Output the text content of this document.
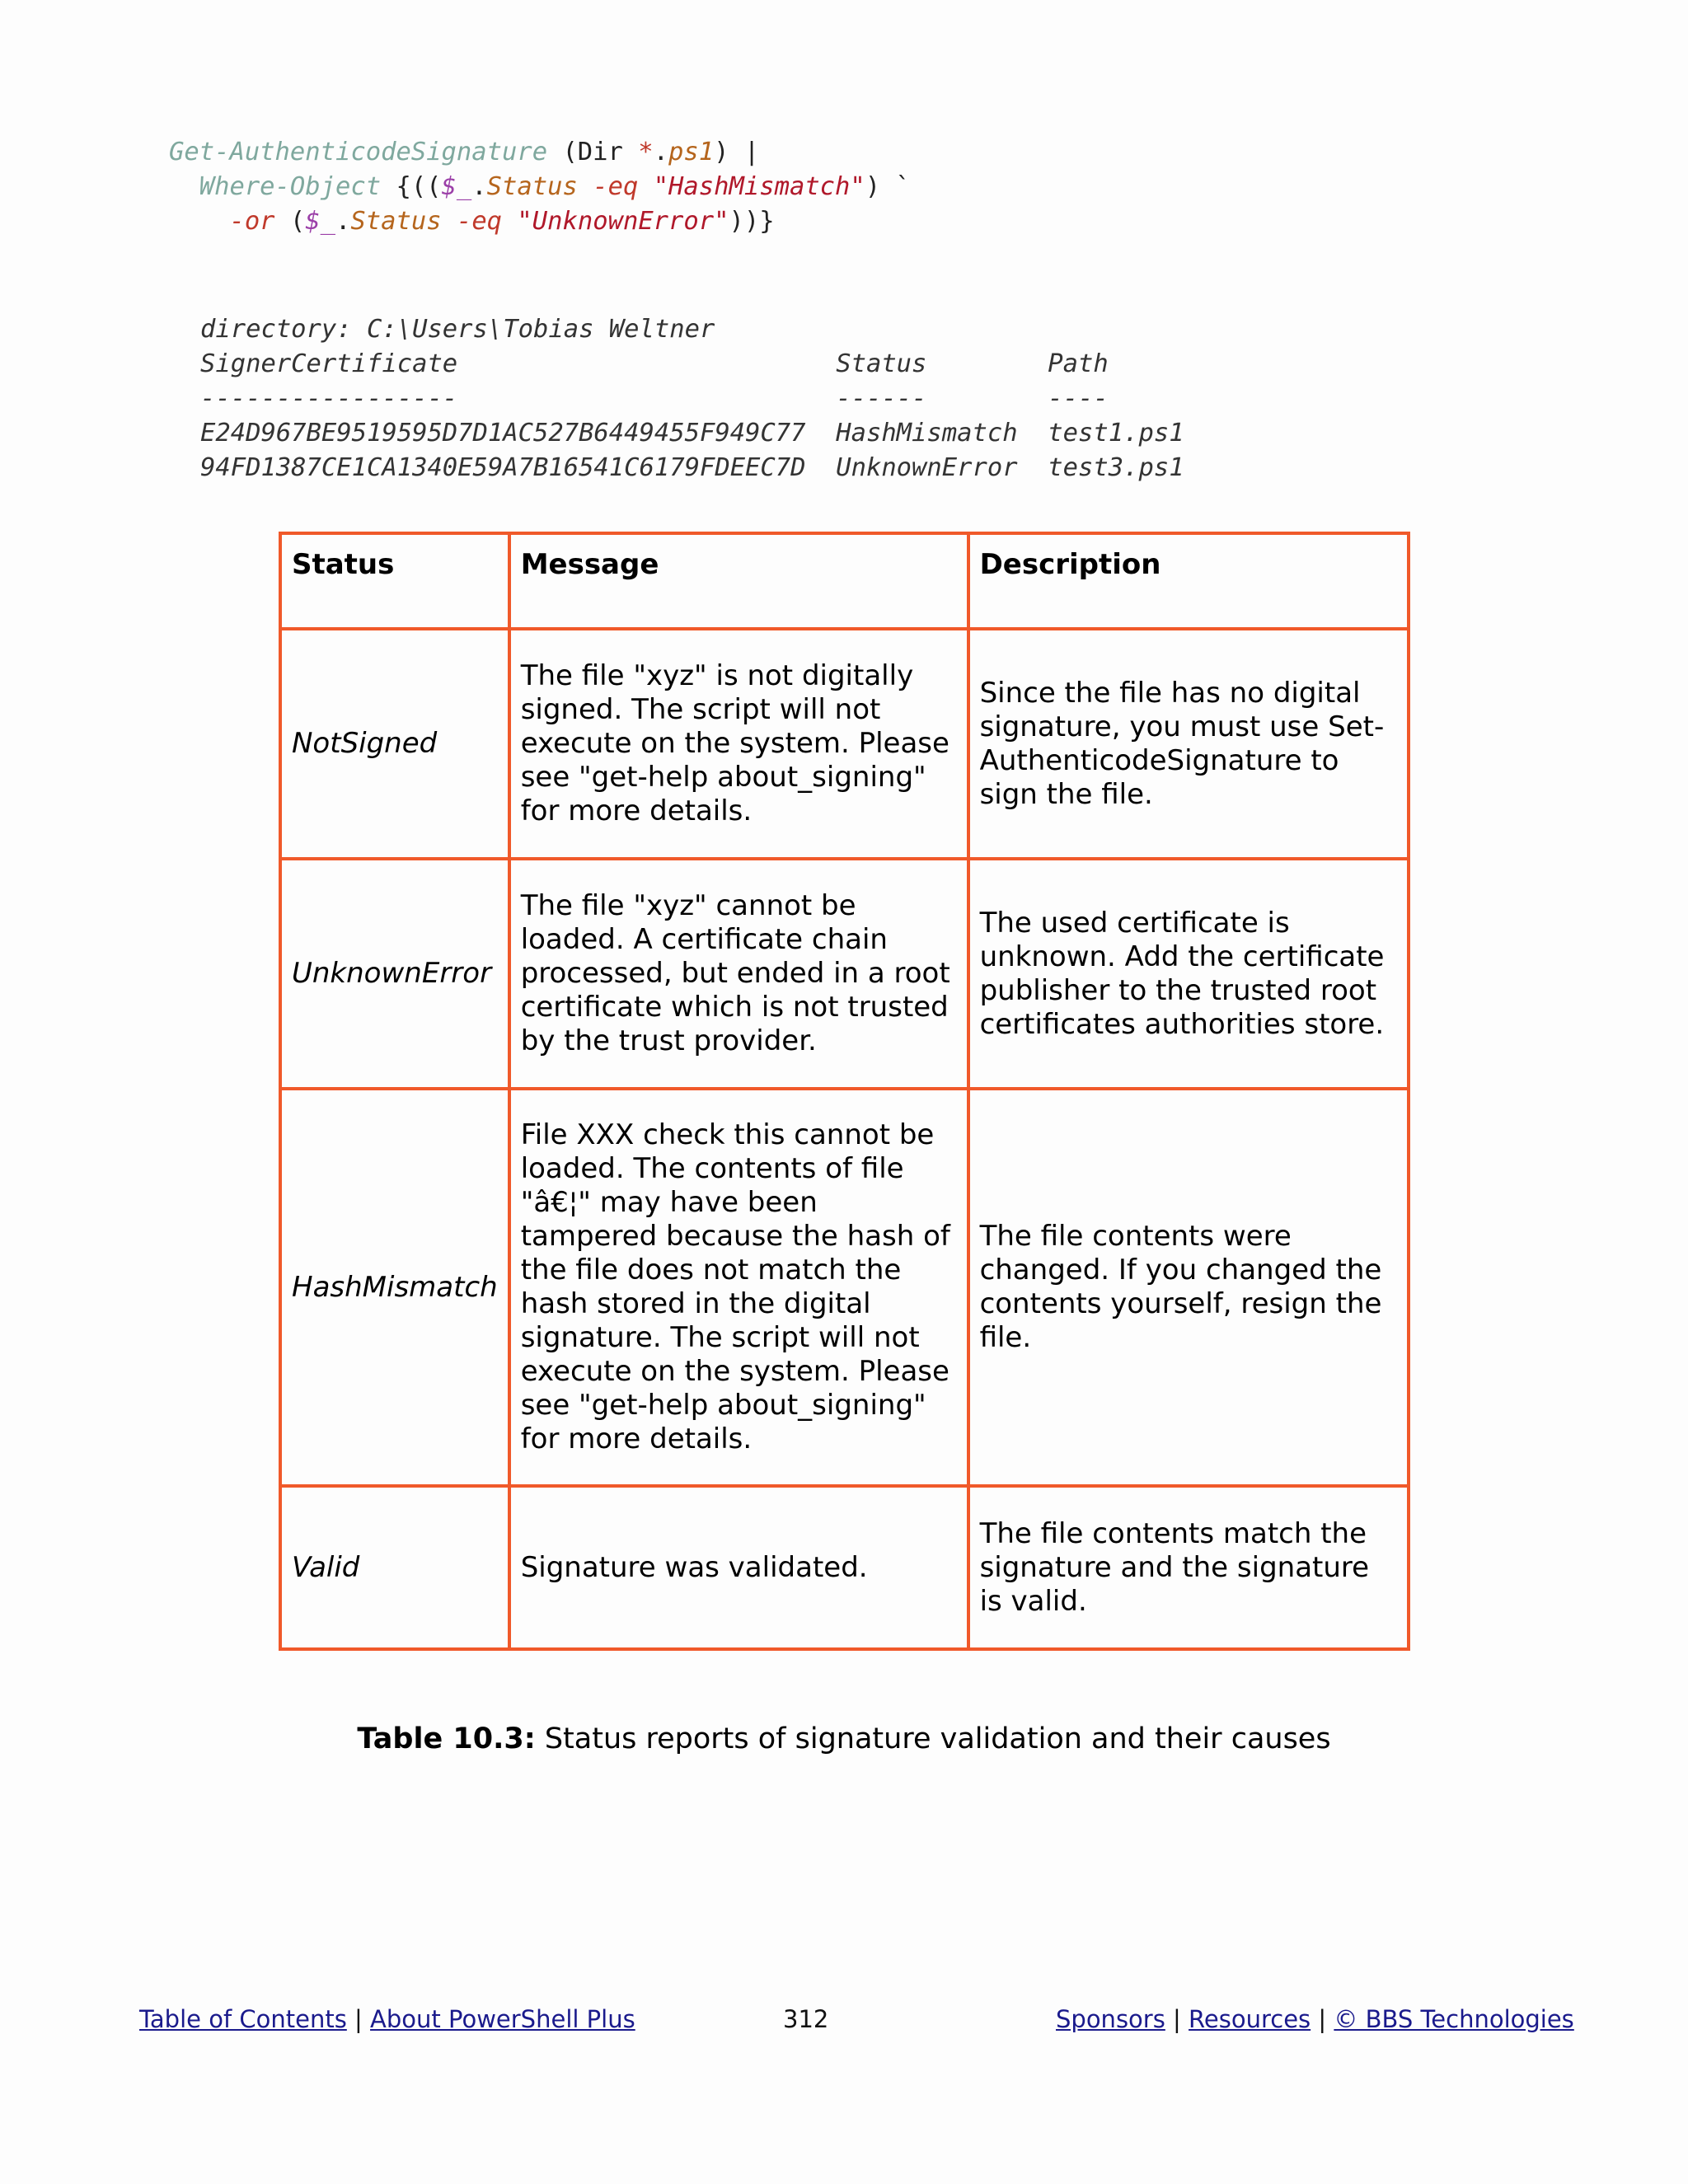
Get-AuthenticodeSignature (Dir *.ps1) |
Where-Object {(($_.Status -eq "HashMismatch") `
-or ($_.Status -eq "UnknownError"))}
directory: C:\Users\Tobias Weltner
SignerCertificate                         Status        Path
-----------------                         ------        ----
E24D967BE9519595D7D1AC527B6449455F949C77  HashMismatch  test1.ps1
94FD1387CE1CA1340E59A7B16541C6179FDEEC7D  UnknownError  test3.ps1
Status	Message	Description
NotSigned	The file "xyz" is not digitally signed. The script will not execute on the system. Please see "get-help about_signing" for more details.	Since the file has no digital signature, you must use Set-AuthenticodeSignature to sign the file.
UnknownError	The file "xyz" cannot be loaded. A certificate chain processed, but ended in a root certificate which is not trusted by the trust provider.	The used certificate is unknown. Add the certificate publisher to the trusted root certificates authorities store.
HashMismatch	File XXX check this cannot be loaded. The contents of file "â€¦" may have been tampered because the hash of the file does not match the hash stored in the digital signature. The script will not execute on the system. Please see "get-help about_signing" for more details.	The file contents were changed. If you changed the contents yourself, resign the file.
Valid	Signature was validated.	The file contents match the signature and the signature is valid.
Table 10.3: Status reports of signature validation and their causes
Table of Contents | About PowerShell Plus	312	Sponsors | Resources | © BBS Technologies
